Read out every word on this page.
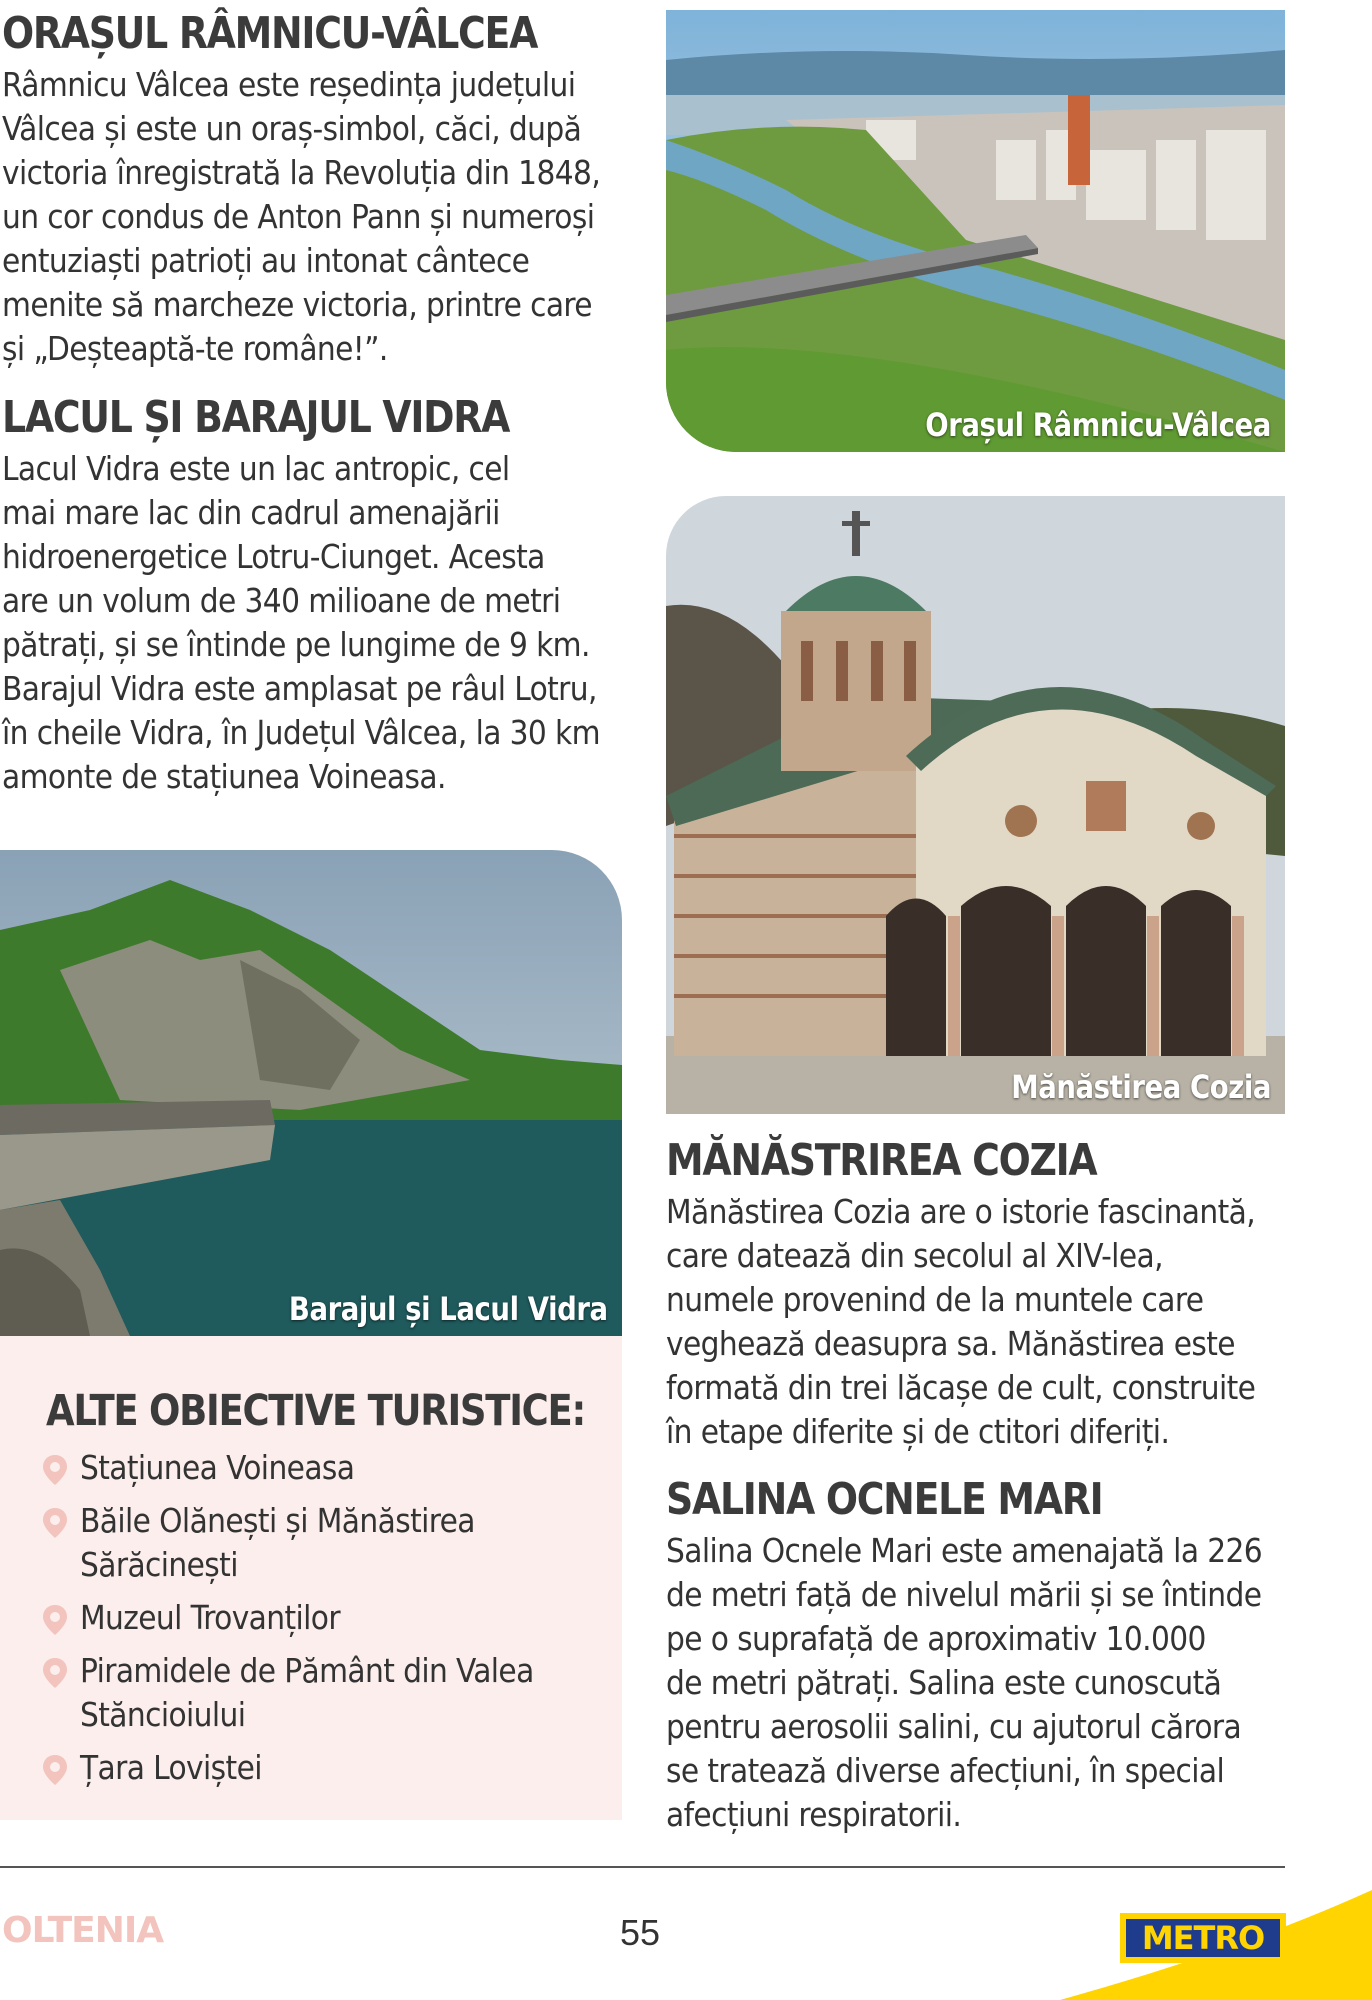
ORAȘUL RÂMNICU-VÂLCEA

Râmnicu Vâlcea este reședința județului

Vâlcea și este un oraș-simbol, căci, după

victoria înregistrată la Revoluția din 1848,

un cor condus de Anton Pann și numeroși

entuziaști patrioți au intonat cântece

menite să marcheze victoria, printre care

și „Deșteaptă-te române!”.

LACUL ȘI BARAJUL VIDRA

Lacul Vidra este un lac antropic, cel

mai mare lac din cadrul amenajării

hidroenergetice Lotru-Ciunget. Acesta

are un volum de 340 milioane de metri

pătrați, și se întinde pe lungime de 9 km.

Barajul Vidra este amplasat pe râul Lotru,

în cheile Vidra, în Județul Vâlcea, la 30 km

amonte de stațiunea Voineasa.

Orașul Râmnicu-Vâlcea
Mănăstirea Cozia
MĂNĂSTRIREA COZIA

Mănăstirea Cozia are o istorie fascinantă,

care datează din secolul al XIV-lea,

numele provenind de la muntele care

veghează deasupra sa. Mănăstirea este

formată din trei lăcașe de cult, construite

în etape diferite și de ctitori diferiți.

SALINA OCNELE MARI

Salina Ocnele Mari este amenajată la 226

de metri față de nivelul mării și se întinde

pe o suprafață de aproximativ 10.000

de metri pătrați. Salina este cunoscută

pentru aerosolii salini, cu ajutorul cărora

se tratează diverse afecțiuni, în special

afecțiuni respiratorii.

Barajul și Lacul Vidra
ALTE OBIECTIVE TURISTICE:
Stațiunea Voineasa
Băile Olănești și Mănăstirea
Sărăcinești
Muzeul Trovanților
Piramidele de Pământ din Valea
Stăncioiului
Țara Loviștei
OLTENIA	55	METRO
